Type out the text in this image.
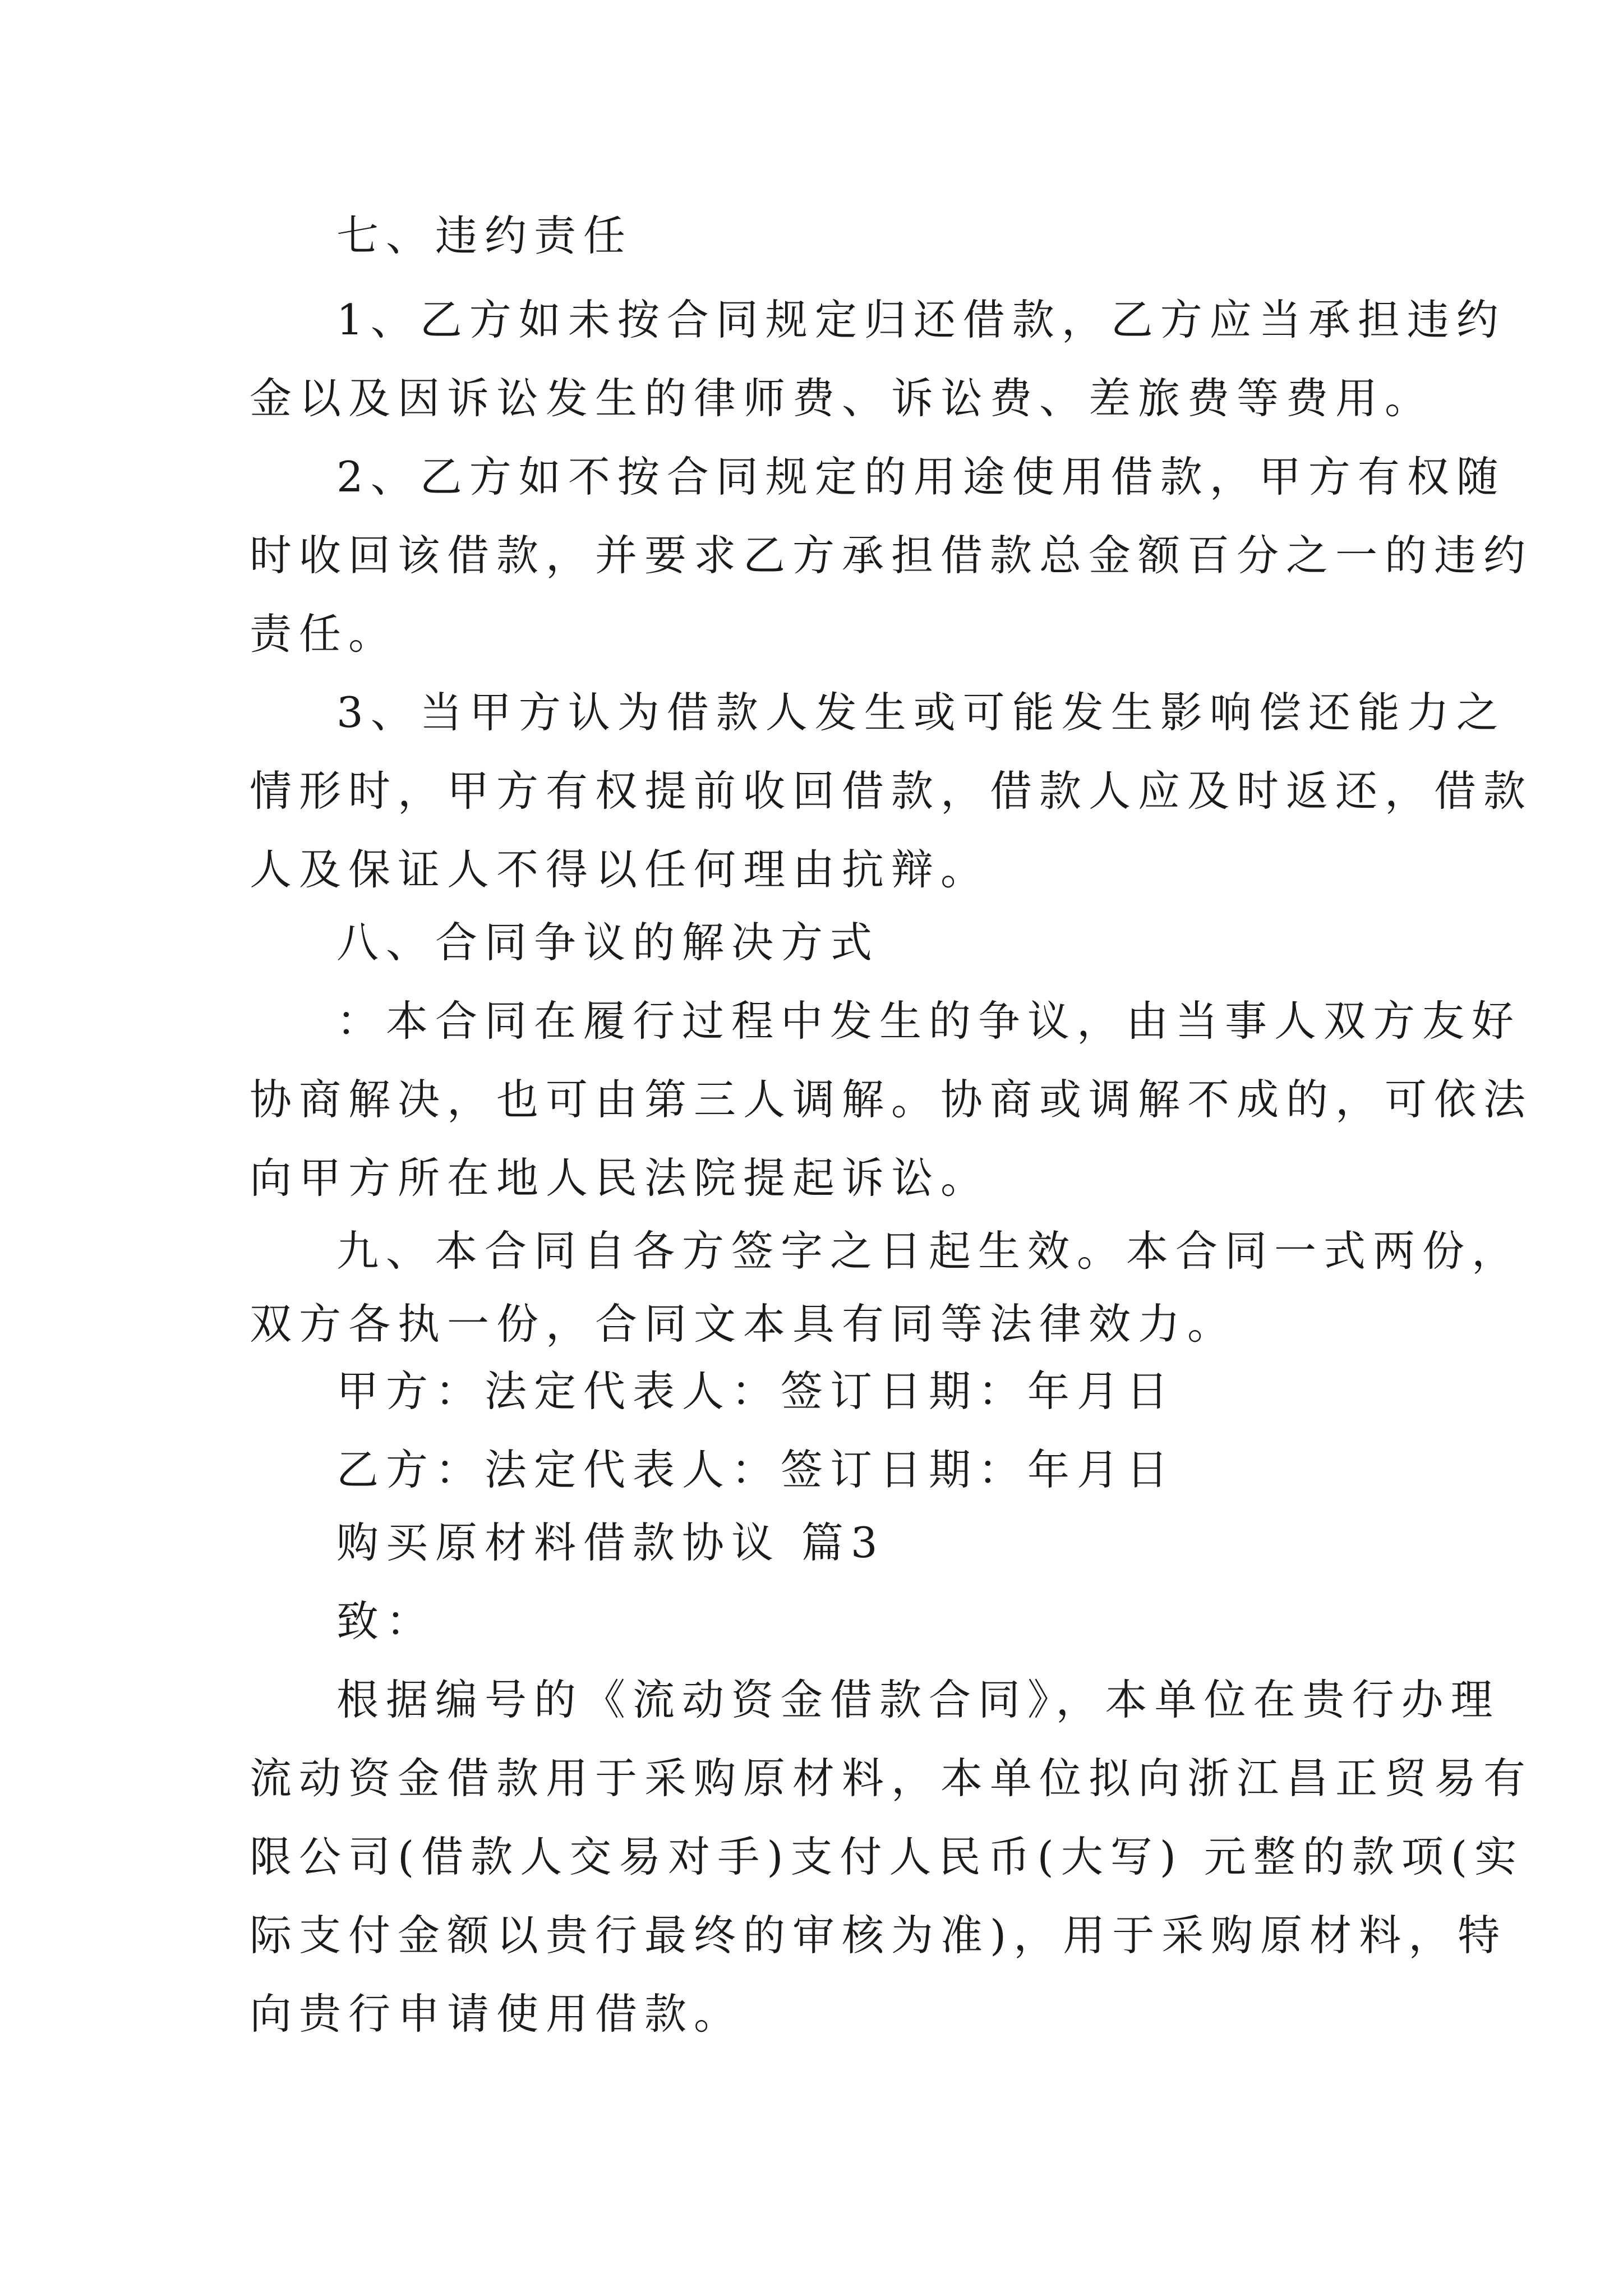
七、违约责任

1、乙方如未按合同规定归还借款，乙方应当承担违约

金以及因诉讼发生的律师费、诉讼费、差旅费等费用。

2、乙方如不按合同规定的用途使用借款，甲方有权随

时收回该借款，并要求乙方承担借款总金额百分之一的违约

责任。

3、当甲方认为借款人发生或可能发生影响偿还能力之

情形时，甲方有权提前收回借款，借款人应及时返还，借款

人及保证人不得以任何理由抗辩。

八、合同争议的解决方式

：本合同在履行过程中发生的争议，由当事人双方友好

协商解决，也可由第三人调解。协商或调解不成的，可依法

向甲方所在地人民法院提起诉讼。

九、本合同自各方签字之日起生效。本合同一式两份，

双方各执一份，合同文本具有同等法律效力。

甲方：法定代表人：签订日期：年月日

乙方：法定代表人：签订日期：年月日

购买原材料借款协议 篇3

致：

根据编号的《流动资金借款合同》，本单位在贵行办理

流动资金借款用于采购原材料，本单位拟向浙江昌正贸易有

限公司(借款人交易对手)支付人民币(大写) 元整的款项(实

际支付金额以贵行最终的审核为准)，用于采购原材料，特

向贵行申请使用借款。
